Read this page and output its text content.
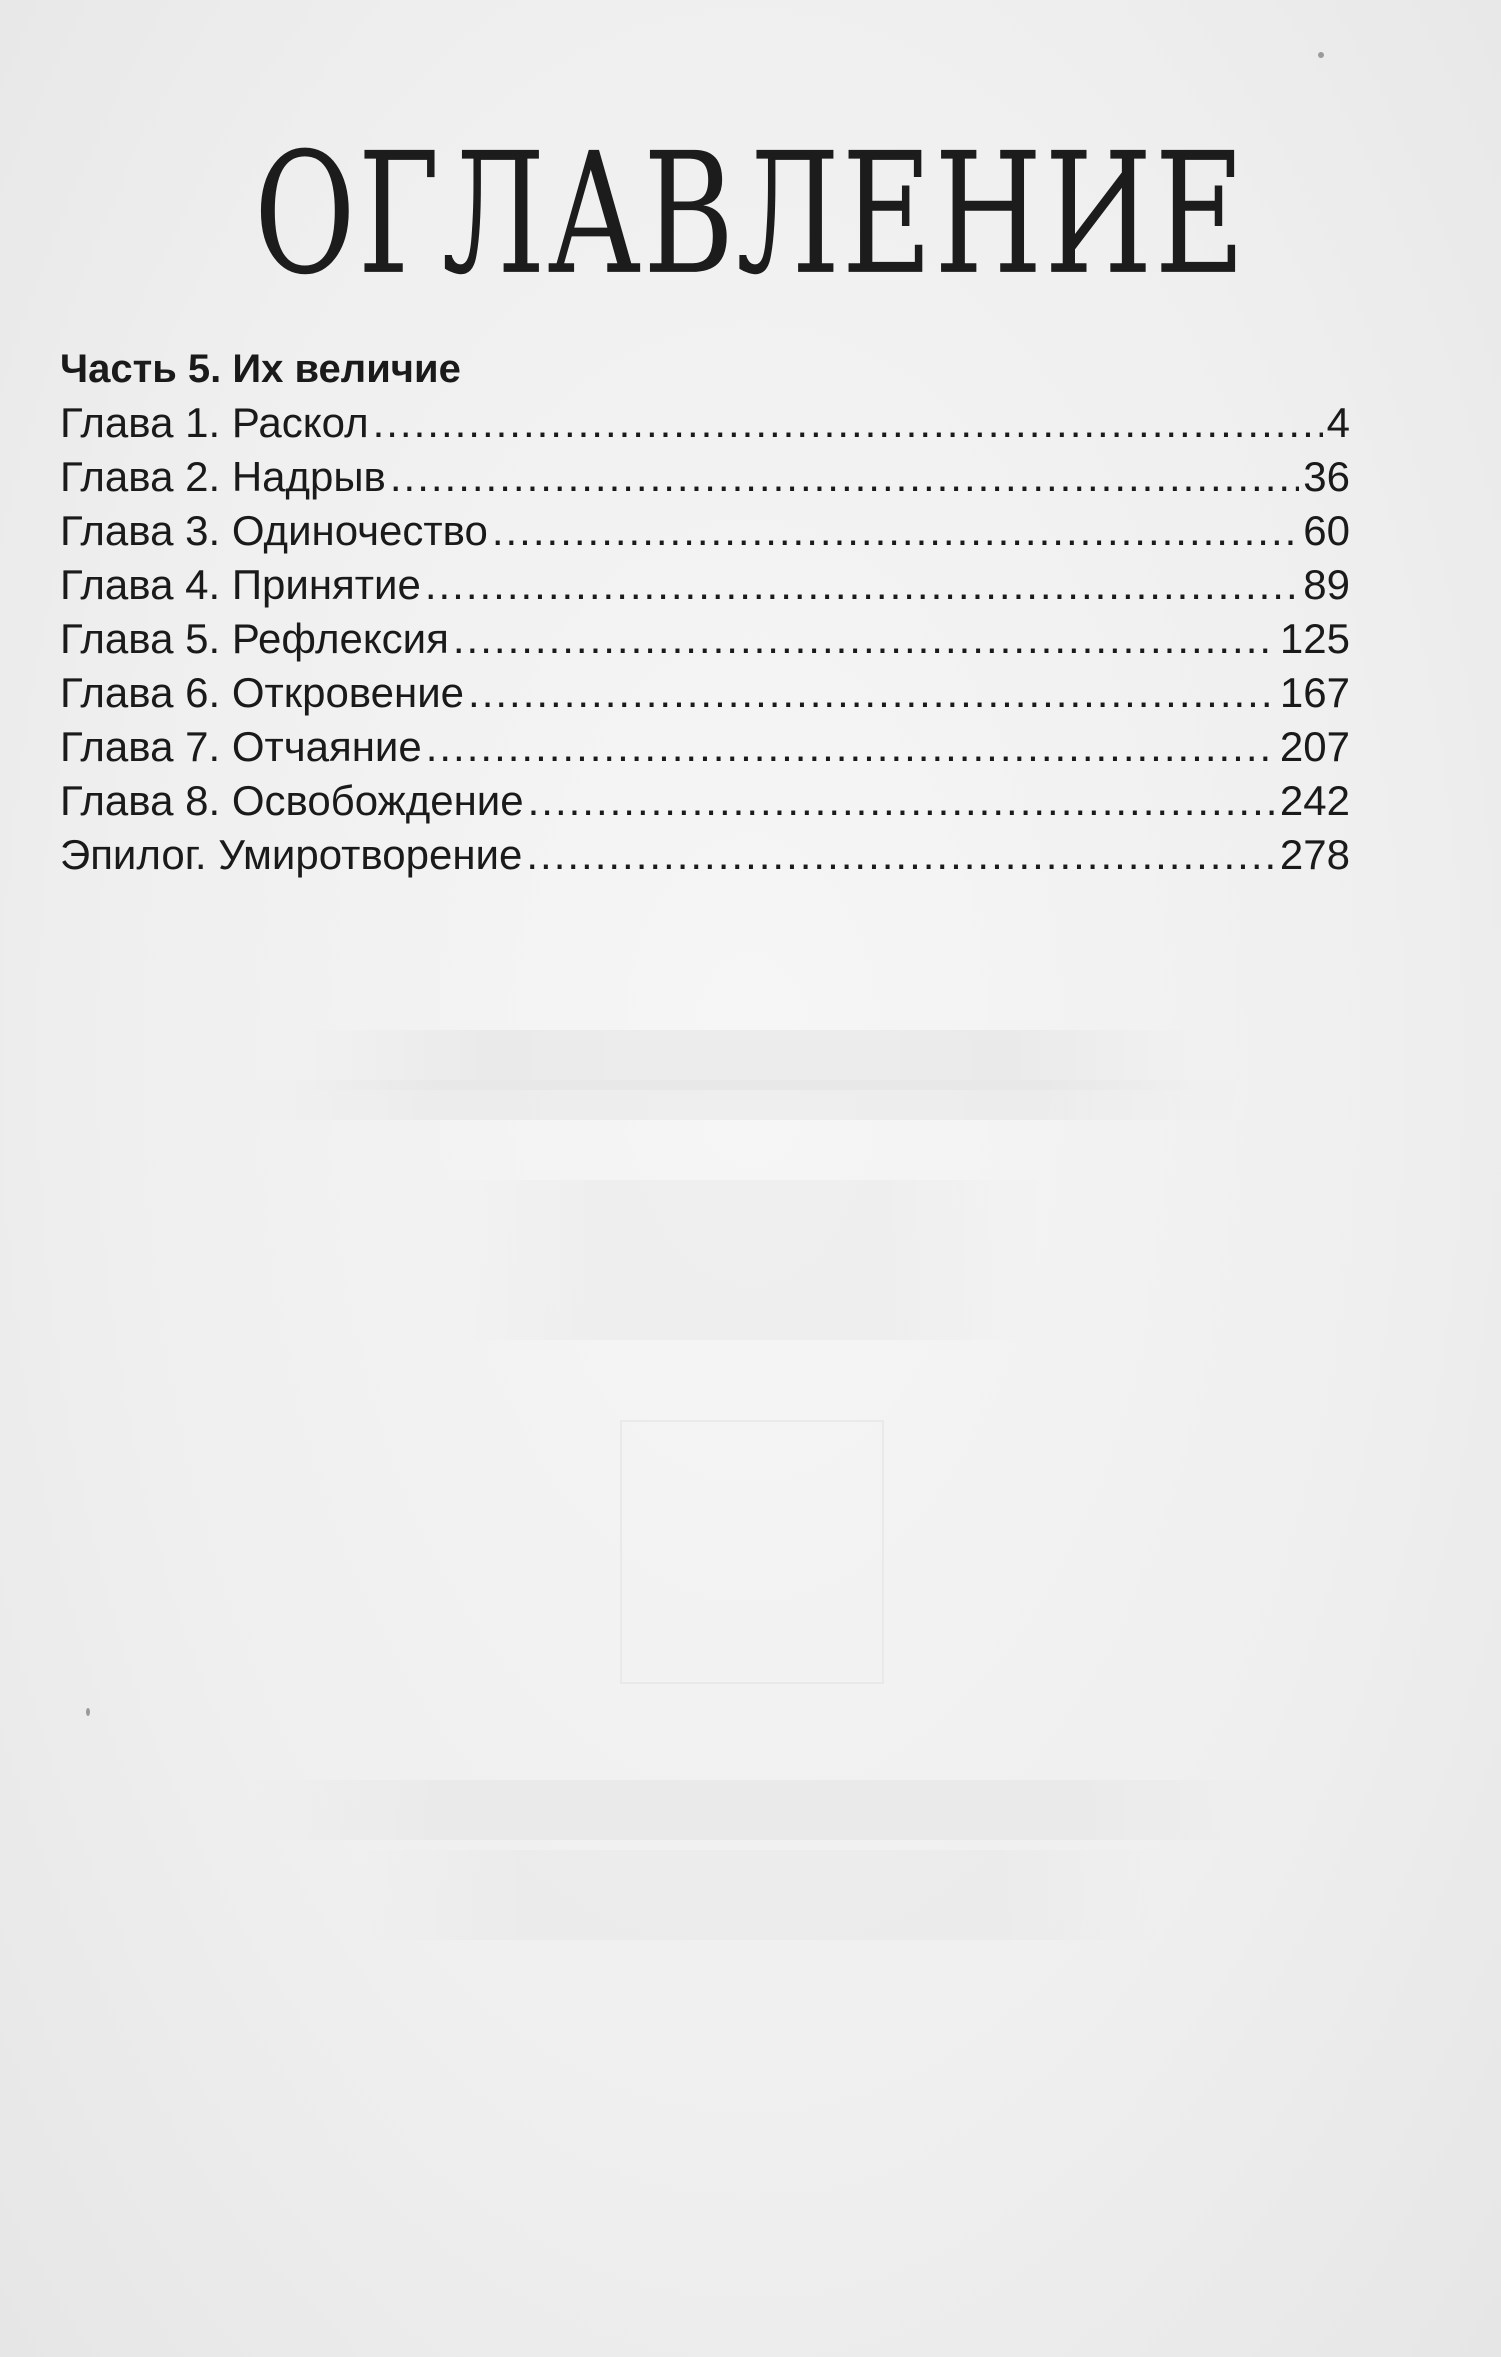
ОГЛАВЛЕНИЕ
Часть 5. Их величие
Глава 1. Раскол .....	4
Глава 2. Надрыв .....	36
Глава 3. Одиночество .....	60
Глава 4. Принятие .....	89
Глава 5. Рефлексия .....	125
Глава 6. Откровение .....	167
Глава 7. Отчаяние .....	207
Глава 8. Освобождение .....	242
Эпилог. Умиротворение .....	278
